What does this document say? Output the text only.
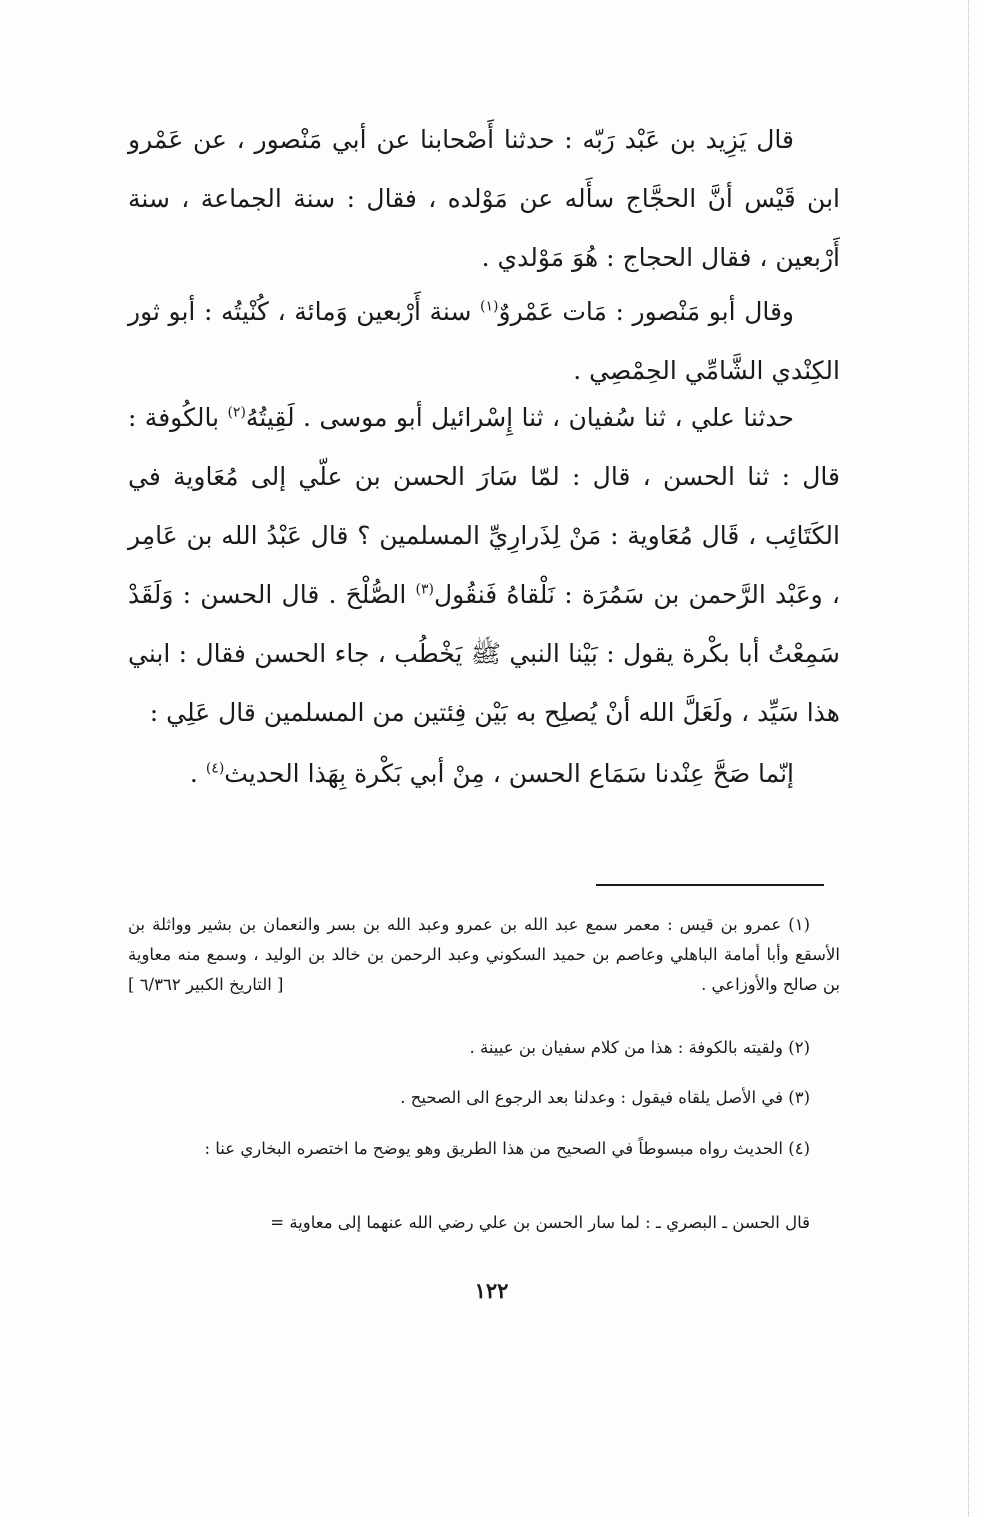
قال يَزِيد بن عَبْد رَبّه : حدثنا أَصْحابنا عن أبي مَنْصور ، عن عَمْرو ابن قَيْس أنَّ الحجَّاج سأَله عن مَوْلده ، فقال : سنة الجماعة ، سنة أَرْبعين ، فقال الحجاج : هُوَ مَوْلدي .

وقال أبو مَنْصور : مَات عَمْروٌ$^{(١)}$ سنة أَرْبعين وَمائة ، كُنْيتُه : أبو ثور الكِنْدي الشَّامِّي الحِمْصِي .

حدثنا علي ، ثنا سُفيان ، ثنا إِسْرائيل أبو موسى . لَقِيتُهُ$^{(٢)}$ بالكُوفة : قال : ثنا الحسن ، قال : لمّا سَارَ الحسن بن علّي إلى مُعَاوية في الكَتَائِب ، قَال مُعَاوية : مَنْ لِذَرارِيِّ المسلمين ؟ قال عَبْدُ الله بن عَامِر ، وعَبْد الرَّحمن بن سَمُرَة : نَلْقاهُ فَنقُول$^{(٣)}$ الصُّلْحَ . قال الحسن : وَلَقَدْ سَمِعْتُ أبا بكْرة يقول : بَيْنا النبي ﷺ يَخْطُب ، جاء الحسن فقال : ابني هذا سَيِّد ، ولَعَلَّ الله أنْ يُصلِح به بَيْن فِئتين من المسلمين قال عَلِي :

إنّما صَحَّ عِنْدنا سَمَاع الحسن ، مِنْ أبي بَكْرة بِهَذا الحديث$^{(٤)}$ .

(١) عمرو بن قيس : معمر سمع عبد الله بن عمرو وعبد الله بن بسر والنعمان بن بشير وواثلة بن الأسقع وأبا أمامة الباهلي وعاصم بن حميد السكوني وعبد الرحمن بن خالد بن الوليد ، وسمع منه معاوية بن صالح والأوزاعي .
[ التاريخ الكبير ٦/٣٦٢ ]

(٢) ولقيته بالكوفة : هذا من كلام سفيان بن عيينة .

(٣) في الأصل يلقاه فيقول : وعدلنا بعد الرجوع الى الصحيح .

(٤) الحديث رواه مبسوطاً في الصحيح من هذا الطريق وهو يوضح ما اختصره البخاري عنا :

قال الحسن ـ البصري ـ : لما سار الحسن بن علي رضي الله عنهما إلى معاوية =

١٢٢
